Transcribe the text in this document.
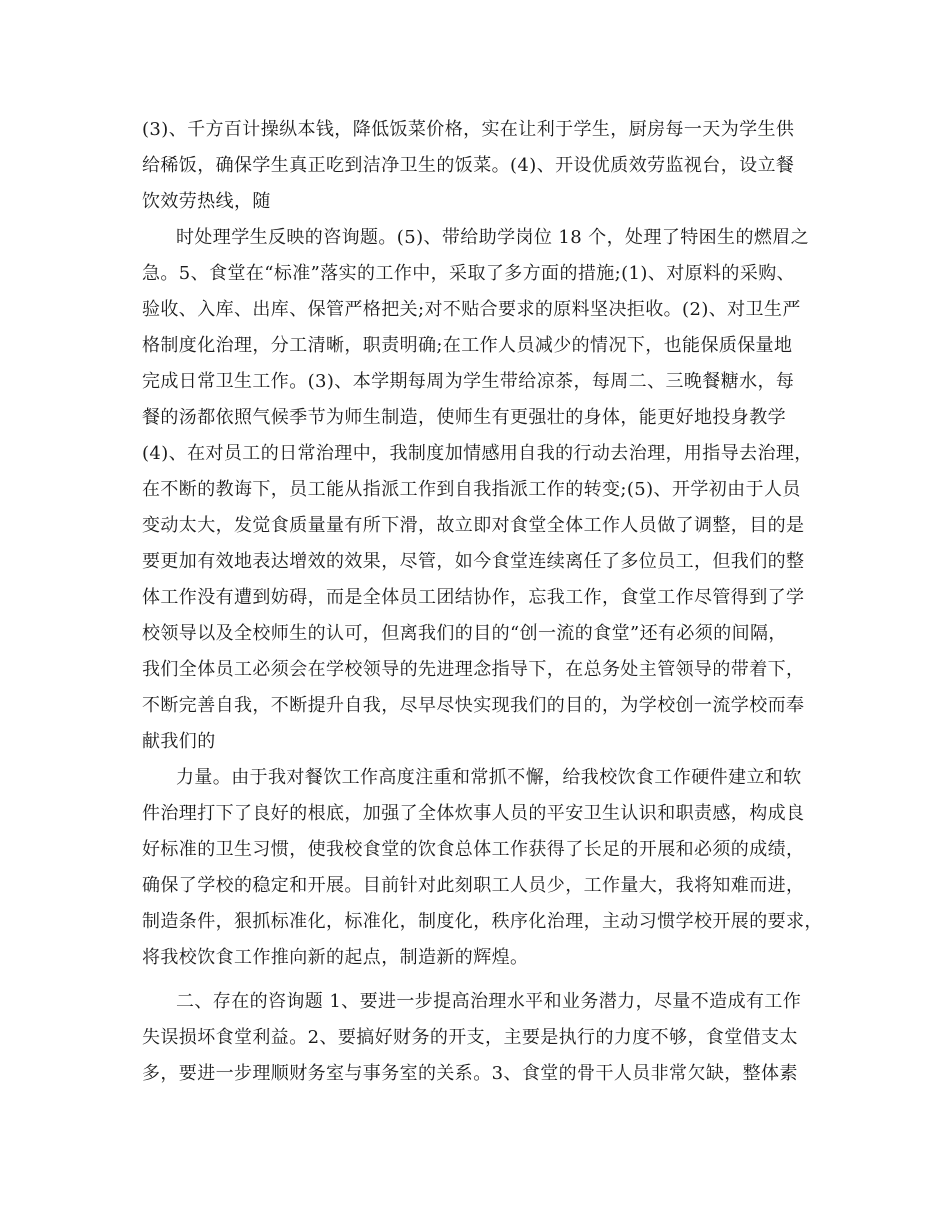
(3)、千方百计操纵本钱，降低饭菜价格，实在让利于学生，厨房每一天为学生供
给稀饭，确保学生真正吃到洁净卫生的饭菜。(4)、开设优质效劳监视台，设立餐
饮效劳热线，随
时处理学生反映的咨询题。(5)、带给助学岗位 18 个，处理了特困生的燃眉之
急。5、食堂在“标准”落实的工作中，采取了多方面的措施;(1)、对原料的采购、
验收、入库、出库、保管严格把关;对不贴合要求的原料坚决拒收。(2)、对卫生严
格制度化治理，分工清晰，职责明确;在工作人员减少的情况下，也能保质保量地
完成日常卫生工作。(3)、本学期每周为学生带给凉茶，每周二、三晚餐糖水，每
餐的汤都依照气候季节为师生制造，使师生有更强壮的身体，能更好地投身教学
(4)、在对员工的日常治理中，我制度加情感用自我的行动去治理，用指导去治理，
在不断的教诲下，员工能从指派工作到自我指派工作的转变;(5)、开学初由于人员
变动太大，发觉食质量量有所下滑，故立即对食堂全体工作人员做了调整，目的是
要更加有效地表达增效的效果，尽管，如今食堂连续离任了多位员工，但我们的整
体工作没有遭到妨碍，而是全体员工团结协作，忘我工作，食堂工作尽管得到了学
校领导以及全校师生的认可，但离我们的目的“创一流的食堂”还有必须的间隔，
我们全体员工必须会在学校领导的先进理念指导下，在总务处主管领导的带着下，
不断完善自我，不断提升自我，尽早尽快实现我们的目的，为学校创一流学校而奉
献我们的
力量。由于我对餐饮工作高度注重和常抓不懈，给我校饮食工作硬件建立和软
件治理打下了良好的根底，加强了全体炊事人员的平安卫生认识和职责感，构成良
好标准的卫生习惯，使我校食堂的饮食总体工作获得了长足的开展和必须的成绩，
确保了学校的稳定和开展。目前针对此刻职工人员少，工作量大，我将知难而进，
制造条件，狠抓标准化，标准化，制度化，秩序化治理，主动习惯学校开展的要求，
将我校饮食工作推向新的起点，制造新的辉煌。
二、存在的咨询题 1、要进一步提高治理水平和业务潜力，尽量不造成有工作
失误损坏食堂利益。2、要搞好财务的开支，主要是执行的力度不够，食堂借支太
多，要进一步理顺财务室与事务室的关系。3、食堂的骨干人员非常欠缺，整体素
